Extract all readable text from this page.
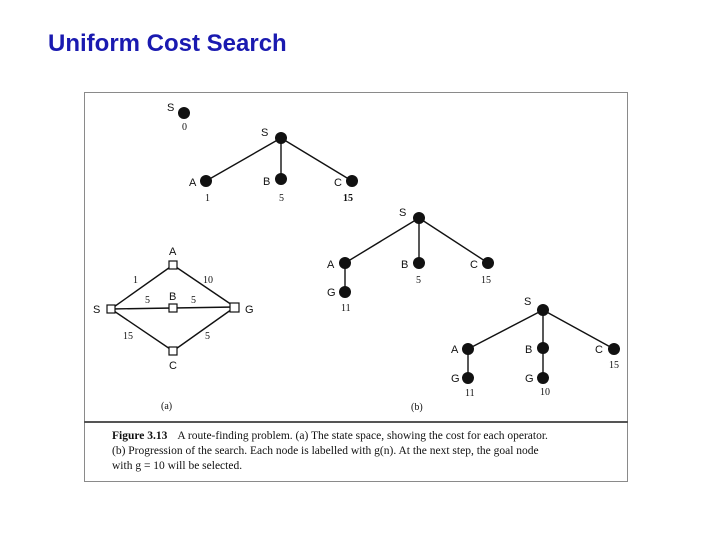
Uniform Cost Search
S
0	S
A	B	C
1	5	15
S
A	B	C
G
5	15
11
S
A	B	C
G	G
15
11	10
A
B
C
S	G
1	10
5	5
15	5
(a)	(b)
Figure 3.13 A route-finding problem. (a) The state space, showing the cost for each operator.
(b) Progression of the search. Each node is labelled with g(n). At the next step, the goal node
with g = 10 will be selected.
